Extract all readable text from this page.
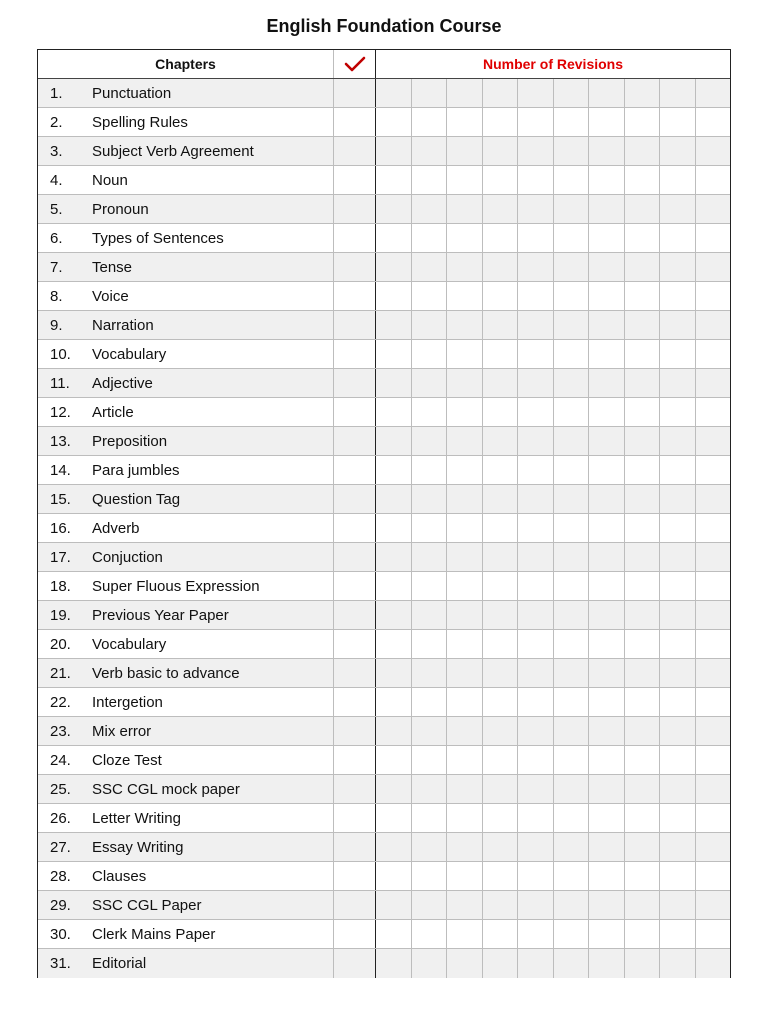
English Foundation Course
Chapters	Number of Revisions
1.	Punctuation
2.	Spelling Rules
3.	Subject Verb Agreement
4.	Noun
5.	Pronoun
6.	Types of Sentences
7.	Tense
8.	Voice
9.	Narration
10.	Vocabulary
11.	Adjective
12.	Article
13.	Preposition
14.	Para jumbles
15.	Question Tag
16.	Adverb
17.	Conjuction
18.	Super Fluous Expression
19.	Previous Year Paper
20.	Vocabulary
21.	Verb basic to advance
22.	Intergetion
23.	Mix error
24.	Cloze Test
25.	SSC CGL mock paper
26.	Letter Writing
27.	Essay Writing
28.	Clauses
29.	SSC CGL Paper
30.	Clerk Mains Paper
31.	Editorial
